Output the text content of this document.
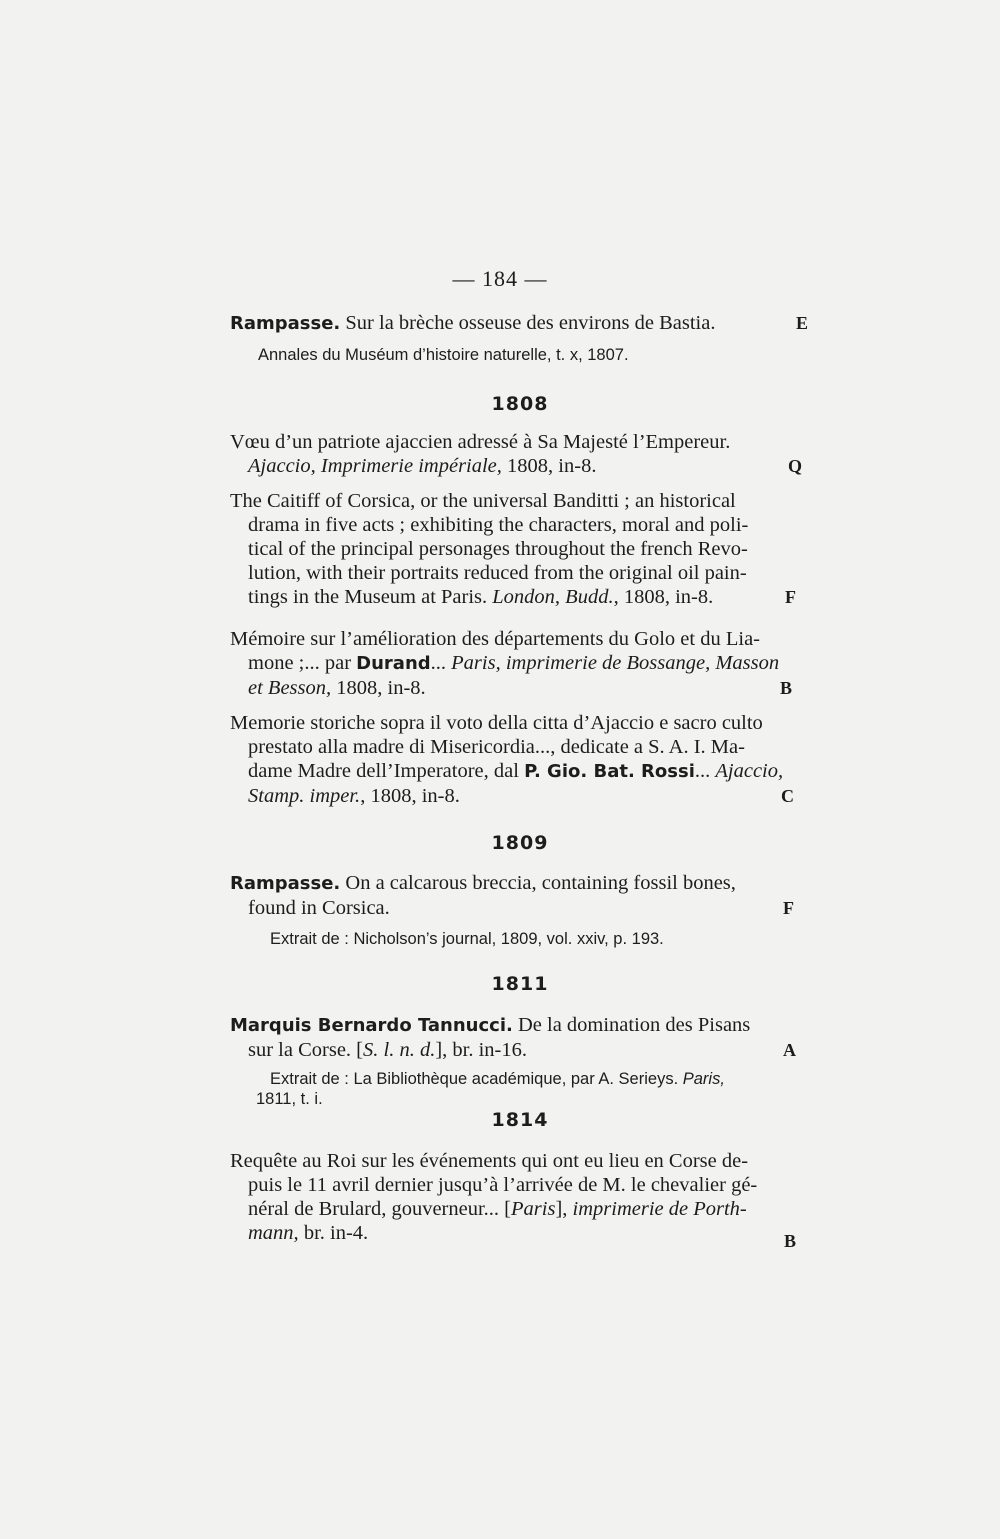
— 184 —
Rampasse. Sur la brèche osseuse des environs de Bastia.	E
Annales du Muséum d’histoire naturelle, t. x, 1807.
1808
Vœu d’un patriote ajaccien adressé à Sa Majesté l’Empereur.
Ajaccio, Imprimerie impériale, 1808, in-8.	Q
The Caitiff of Corsica, or the universal Banditti ; an historical
drama in five acts ; exhibiting the characters, moral and poli-
tical of the principal personages throughout the french Revo-
lution, with their portraits reduced from the original oil pain-
tings in the Museum at Paris. London, Budd., 1808, in-8.	F
Mémoire sur l’amélioration des départements du Golo et du Lia-
mone ;... par Durand... Paris, imprimerie de Bossange, Masson
et Besson, 1808, in-8.	B
Memorie storiche sopra il voto della citta d’Ajaccio e sacro culto
prestato alla madre di Misericordia..., dedicate a S. A. I. Ma-
dame Madre dell’Imperatore, dal P. Gio. Bat. Rossi... Ajaccio,
Stamp. imper., 1808, in-8.	C
1809
Rampasse. On a calcarous breccia, containing fossil bones,
found in Corsica.	F
Extrait de : Nicholson’s journal, 1809, vol. xxiv, p. 193.
1811
Marquis Bernardo Tannucci. De la domination des Pisans
sur la Corse. [S. l. n. d.], br. in-16.	A
Extrait de : La Bibliothèque académique, par A. Serieys. Paris,
1811, t. i.
1814
Requête au Roi sur les événements qui ont eu lieu en Corse de-
puis le 11 avril dernier jusqu’à l’arrivée de M. le chevalier gé-
néral de Brulard, gouverneur... [Paris], imprimerie de Porth-
mann, br. in-4.	B
